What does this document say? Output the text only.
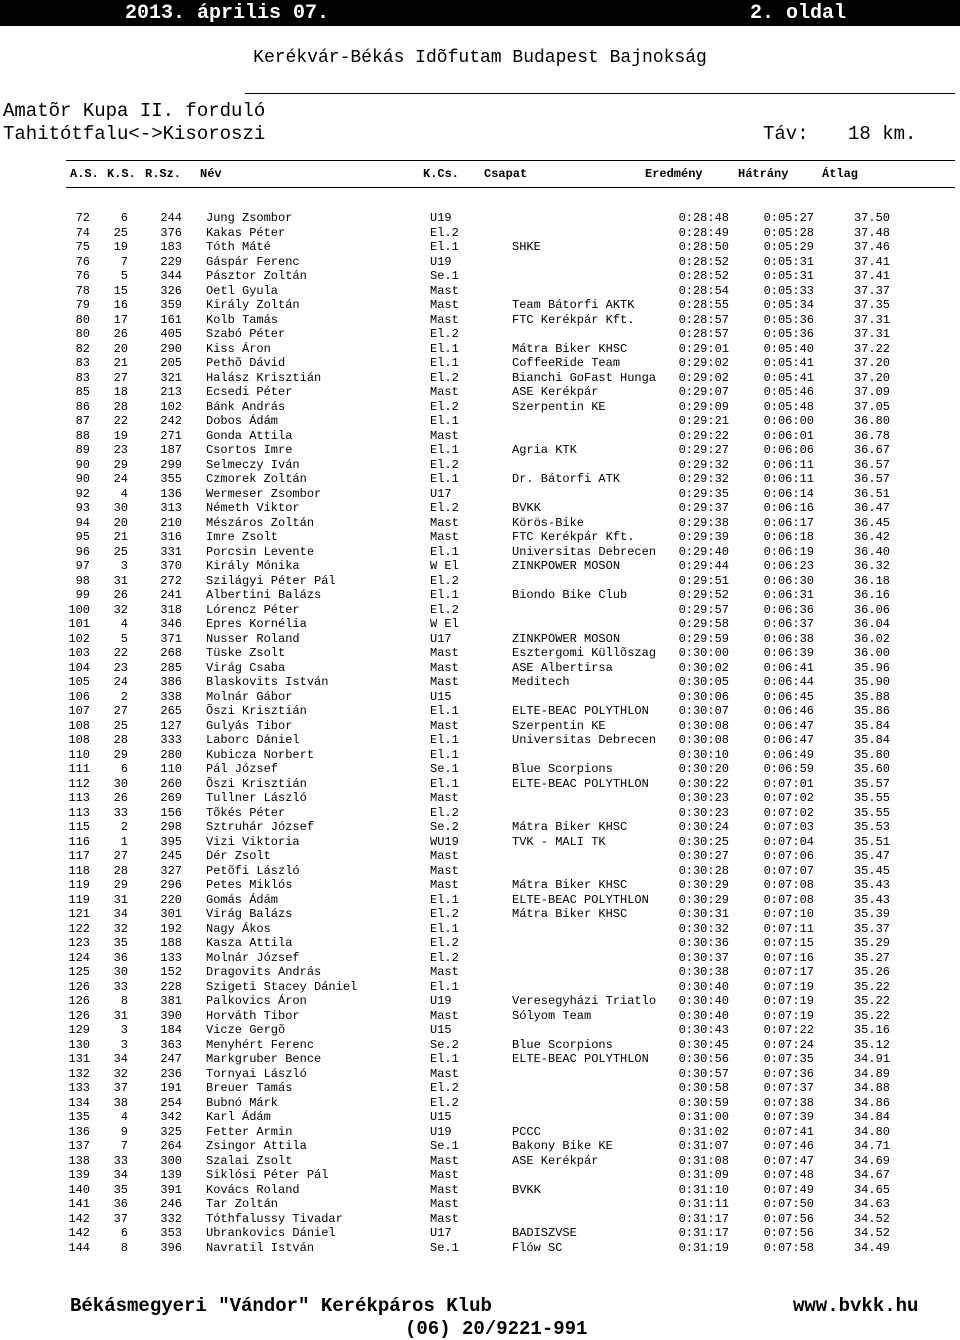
2013. április 07.	2. oldal
Kerékvár-Békás Idõfutam Budapest Bajnokság
Amatõr Kupa II. forduló
Tahitótfalu<->Kisoroszi	Táv: 18 km.
A.S. K.S. R.Sz. Név	K.Cs. Csapat	Eredmény	Hátrány	Átlag
72	6	244	Jung Zsombor	U19		0:28:48	0:05:27	37.50
74	25	376	Kakas Péter	El.2		0:28:49	0:05:28	37.48
75	19	183	Tóth Máté	El.1	SHKE	0:28:50	0:05:29	37.46
76	7	229	Gáspár Ferenc	U19		0:28:52	0:05:31	37.41
76	5	344	Pásztor Zoltán	Se.1		0:28:52	0:05:31	37.41
78	15	326	Oetl Gyula	Mast		0:28:54	0:05:33	37.37
79	16	359	Király Zoltán	Mast	Team Bátorfi AKTK	0:28:55	0:05:34	37.35
80	17	161	Kolb Tamás	Mast	FTC Kerékpár Kft.	0:28:57	0:05:36	37.31
80	26	405	Szabó Péter	El.2		0:28:57	0:05:36	37.31
82	20	290	Kiss Áron	El.1	Mátra Biker KHSC	0:29:01	0:05:40	37.22
83	21	205	Pethõ Dávid	El.1	CoffeeRide Team	0:29:02	0:05:41	37.20
83	27	321	Halász Krisztián	El.2	Bianchi GoFast Hunga	0:29:02	0:05:41	37.20
85	18	213	Ecsedi Péter	Mast	ASE Kerékpár	0:29:07	0:05:46	37.09
86	28	102	Bánk András	El.2	Szerpentin KE	0:29:09	0:05:48	37.05
87	22	242	Dobos Ádám	El.1		0:29:21	0:06:00	36.80
88	19	271	Gonda Attila	Mast		0:29:22	0:06:01	36.78
89	23	187	Csortos Imre	El.1	Agria KTK	0:29:27	0:06:06	36.67
90	29	299	Selmeczy Iván	El.2		0:29:32	0:06:11	36.57
90	24	355	Czmorek Zoltán	El.1	Dr. Bátorfi ATK	0:29:32	0:06:11	36.57
92	4	136	Wermeser Zsombor	U17		0:29:35	0:06:14	36.51
93	30	313	Németh Viktor	El.2	BVKK	0:29:37	0:06:16	36.47
94	20	210	Mészáros Zoltán	Mast	Körös-Bike	0:29:38	0:06:17	36.45
95	21	316	Imre Zsolt	Mast	FTC Kerékpár Kft.	0:29:39	0:06:18	36.42
96	25	331	Porcsin Levente	El.1	Universitas Debrecen	0:29:40	0:06:19	36.40
97	3	370	Király Mónika	W El	ZINKPOWER MOSON	0:29:44	0:06:23	36.32
98	31	272	Szilágyi Péter Pál	El.2		0:29:51	0:06:30	36.18
99	26	241	Albertini Balázs	El.1	Biondo Bike Club	0:29:52	0:06:31	36.16
100	32	318	Lórencz Péter	El.2		0:29:57	0:06:36	36.06
101	4	346	Epres Kornélia	W El		0:29:58	0:06:37	36.04
102	5	371	Nusser Roland	U17	ZINKPOWER MOSON	0:29:59	0:06:38	36.02
103	22	268	Tüske Zsolt	Mast	Esztergomi Küllõszag	0:30:00	0:06:39	36.00
104	23	285	Virág Csaba	Mast	ASE Albertirsa	0:30:02	0:06:41	35.96
105	24	386	Blaskovits István	Mast	Meditech	0:30:05	0:06:44	35.90
106	2	338	Molnár Gábor	U15		0:30:06	0:06:45	35.88
107	27	265	Õszi Krisztián	El.1	ELTE-BEAC POLYTHLON	0:30:07	0:06:46	35.86
108	25	127	Gulyás Tibor	Mast	Szerpentin KE	0:30:08	0:06:47	35.84
108	28	333	Laborc Dániel	El.1	Universitas Debrecen	0:30:08	0:06:47	35.84
110	29	280	Kubicza Norbert	El.1		0:30:10	0:06:49	35.80
111	6	110	Pál József	Se.1	Blue Scorpions	0:30:20	0:06:59	35.60
112	30	260	Õszi Krisztián	El.1	ELTE-BEAC POLYTHLON	0:30:22	0:07:01	35.57
113	26	269	Tullner László	Mast		0:30:23	0:07:02	35.55
113	33	156	Tõkés Péter	El.2		0:30:23	0:07:02	35.55
115	2	298	Sztruhár József	Se.2	Mátra Biker KHSC	0:30:24	0:07:03	35.53
116	1	395	Vizi Viktoria	WU19	TVK - MALI TK	0:30:25	0:07:04	35.51
117	27	245	Dér Zsolt	Mast		0:30:27	0:07:06	35.47
118	28	327	Petõfi László	Mast		0:30:28	0:07:07	35.45
119	29	296	Petes Miklós	Mast	Mátra Biker KHSC	0:30:29	0:07:08	35.43
119	31	220	Gomás Ádám	El.1	ELTE-BEAC POLYTHLON	0:30:29	0:07:08	35.43
121	34	301	Virág Balázs	El.2	Mátra Biker KHSC	0:30:31	0:07:10	35.39
122	32	192	Nagy Ákos	El.1		0:30:32	0:07:11	35.37
123	35	188	Kasza Attila	El.2		0:30:36	0:07:15	35.29
124	36	133	Molnár József	El.2		0:30:37	0:07:16	35.27
125	30	152	Dragovits András	Mast		0:30:38	0:07:17	35.26
126	33	228	Szigeti Stacey Dániel	El.1		0:30:40	0:07:19	35.22
126	8	381	Palkovics Áron	U19	Veresegyházi Triatlo	0:30:40	0:07:19	35.22
126	31	390	Horváth Tibor	Mast	Sólyom Team	0:30:40	0:07:19	35.22
129	3	184	Vicze Gergõ	U15		0:30:43	0:07:22	35.16
130	3	363	Menyhért Ferenc	Se.2	Blue Scorpions	0:30:45	0:07:24	35.12
131	34	247	Markgruber Bence	El.1	ELTE-BEAC POLYTHLON	0:30:56	0:07:35	34.91
132	32	236	Tornyai László	Mast		0:30:57	0:07:36	34.89
133	37	191	Breuer Tamás	El.2		0:30:58	0:07:37	34.88
134	38	254	Bubnó Márk	El.2		0:30:59	0:07:38	34.86
135	4	342	Karl Ádám	U15		0:31:00	0:07:39	34.84
136	9	325	Fetter Armin	U19	PCCC	0:31:02	0:07:41	34.80
137	7	264	Zsingor Attila	Se.1	Bakony Bike KE	0:31:07	0:07:46	34.71
138	33	300	Szalai Zsolt	Mast	ASE Kerékpár	0:31:08	0:07:47	34.69
139	34	139	Siklósi Péter Pál	Mast		0:31:09	0:07:48	34.67
140	35	391	Kovács Roland	Mast	BVKK	0:31:10	0:07:49	34.65
141	36	246	Tar Zoltán	Mast		0:31:11	0:07:50	34.63
142	37	332	Tóthfalussy Tivadar	Mast		0:31:17	0:07:56	34.52
142	6	353	Ubrankovics Dániel	U17	BADISZVSE	0:31:17	0:07:56	34.52
144	8	396	Navratil István	Se.1	Flów SC	0:31:19	0:07:58	34.49
Békásmegyeri "Vándor" Kerékpáros Klub	www.bvkk.hu
(06) 20/9221-991
